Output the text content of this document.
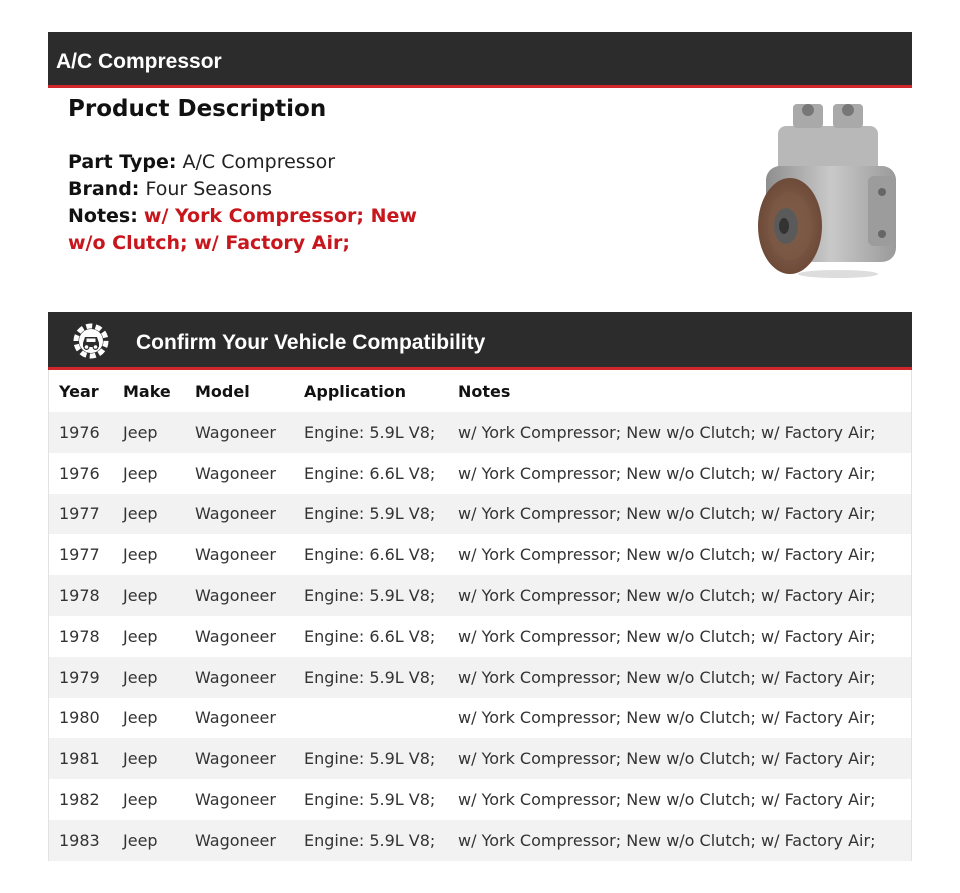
A/C Compressor
Product Description
Part Type: A/C Compressor
Brand: Four Seasons
Notes: w/ York Compressor; New w/o Clutch; w/ Factory Air;
Confirm Your Vehicle Compatibility
Year	Make	Model	Application	Notes
1976	Jeep	Wagoneer	Engine: 5.9L V8;	w/ York Compressor; New w/o Clutch; w/ Factory Air;
1976	Jeep	Wagoneer	Engine: 6.6L V8;	w/ York Compressor; New w/o Clutch; w/ Factory Air;
1977	Jeep	Wagoneer	Engine: 5.9L V8;	w/ York Compressor; New w/o Clutch; w/ Factory Air;
1977	Jeep	Wagoneer	Engine: 6.6L V8;	w/ York Compressor; New w/o Clutch; w/ Factory Air;
1978	Jeep	Wagoneer	Engine: 5.9L V8;	w/ York Compressor; New w/o Clutch; w/ Factory Air;
1978	Jeep	Wagoneer	Engine: 6.6L V8;	w/ York Compressor; New w/o Clutch; w/ Factory Air;
1979	Jeep	Wagoneer	Engine: 5.9L V8;	w/ York Compressor; New w/o Clutch; w/ Factory Air;
1980	Jeep	Wagoneer		w/ York Compressor; New w/o Clutch; w/ Factory Air;
1981	Jeep	Wagoneer	Engine: 5.9L V8;	w/ York Compressor; New w/o Clutch; w/ Factory Air;
1982	Jeep	Wagoneer	Engine: 5.9L V8;	w/ York Compressor; New w/o Clutch; w/ Factory Air;
1983	Jeep	Wagoneer	Engine: 5.9L V8;	w/ York Compressor; New w/o Clutch; w/ Factory Air;
